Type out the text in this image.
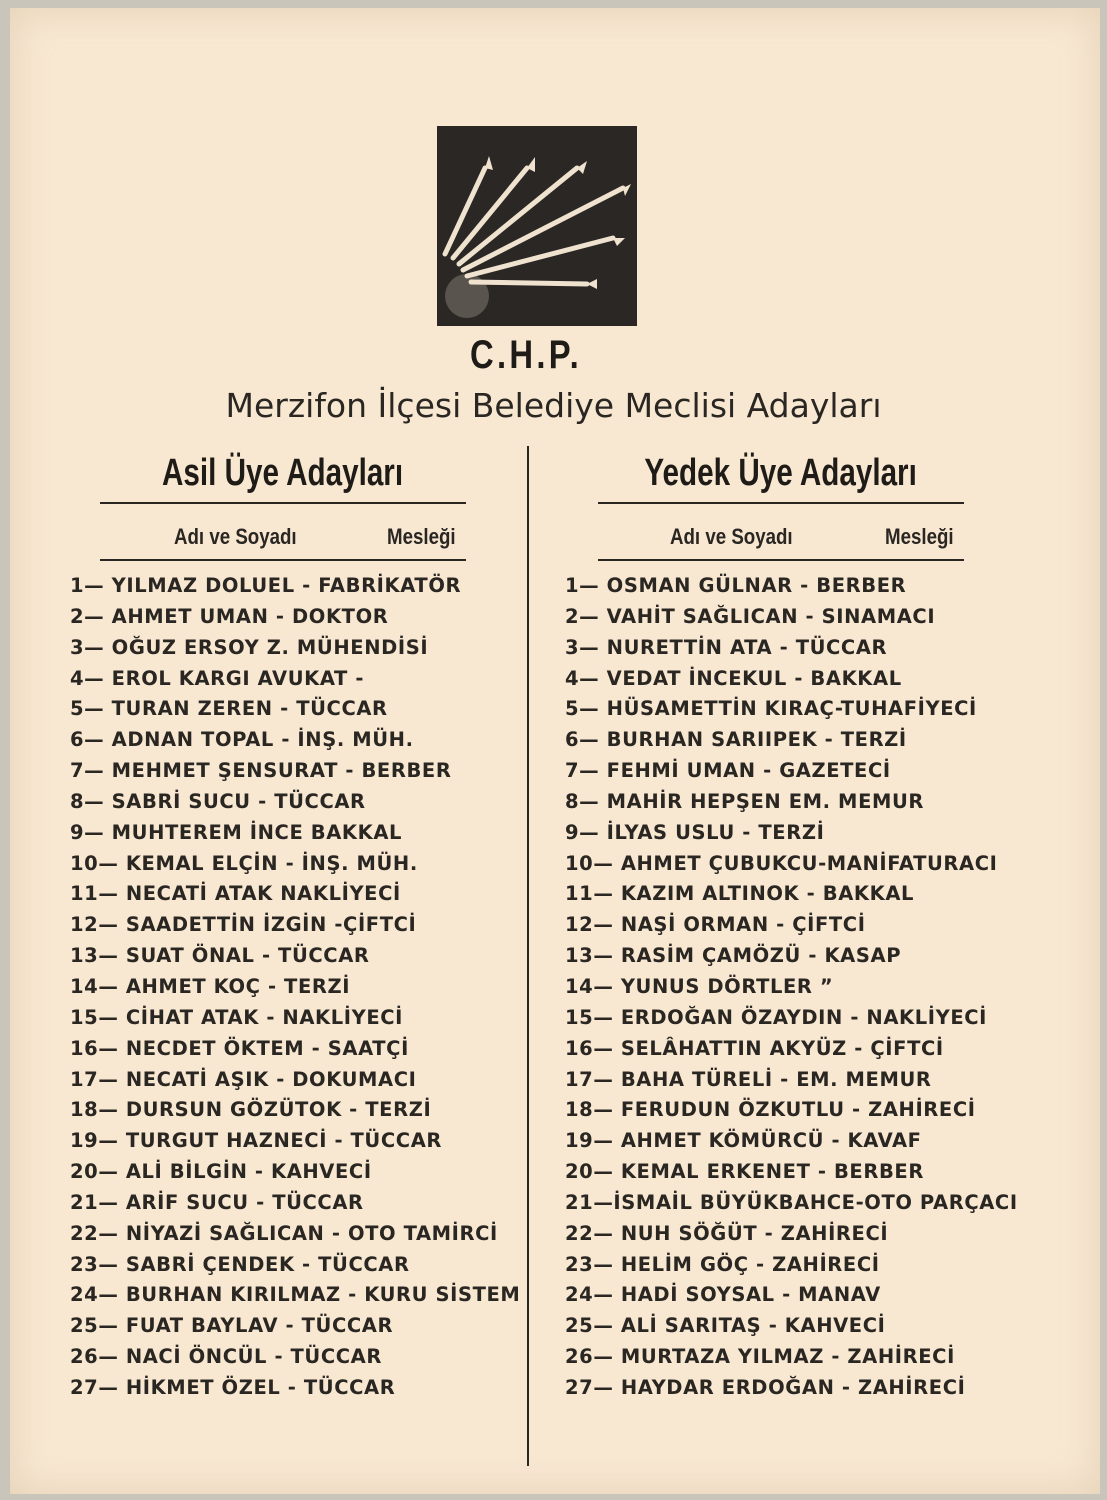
C.H.P.
Merzifon İlçesi Belediye Meclisi Adayları
Asil Üye Adayları
Adı ve Soyadı	Mesleği
Yedek Üye Adayları
Adı ve Soyadı	Mesleği
1— YILMAZ DOLUEL - FABRİKATÖR
2— AHMET UMAN - DOKTOR
3— OĞUZ ERSOY Z. MÜHENDİSİ
4— EROL KARGI AVUKAT -
5— TURAN ZEREN - TÜCCAR
6— ADNAN TOPAL - İNŞ. MÜH.
7— MEHMET ŞENSURAT - BERBER
8— SABRİ SUCU - TÜCCAR
9— MUHTEREM İNCE BAKKAL
10— KEMAL ELÇİN - İNŞ. MÜH.
11— NECATİ ATAK NAKLİYECİ
12— SAADETTİN İZGİN -ÇİFTCİ
13— SUAT ÖNAL - TÜCCAR
14— AHMET KOÇ - TERZİ
15— CİHAT ATAK - NAKLİYECİ
16— NECDET ÖKTEM - SAATÇİ
17— NECATİ AŞIK - DOKUMACI
18— DURSUN GÖZÜTOK - TERZİ
19— TURGUT HAZNECİ - TÜCCAR
20— ALİ BİLGİN - KAHVECİ
21— ARİF SUCU - TÜCCAR
22— NİYAZİ SAĞLICAN - OTO TAMİRCİ
23— SABRİ ÇENDEK - TÜCCAR
24— BURHAN KIRILMAZ - KURU SİSTEM
25— FUAT BAYLAV - TÜCCAR
26— NACİ ÖNCÜL - TÜCCAR
27— HİKMET ÖZEL - TÜCCAR
1— OSMAN GÜLNAR - BERBER
2— VAHİT SAĞLICAN - SINAMACI
3— NURETTİN ATA - TÜCCAR
4— VEDAT İNCEKUL - BAKKAL
5— HÜSAMETTİN KIRAÇ-TUHAFİYECİ
6— BURHAN SARIIPEK - TERZİ
7— FEHMİ UMAN - GAZETECİ
8— MAHİR HEPŞEN EM. MEMUR
9— İLYAS USLU - TERZİ
10— AHMET ÇUBUKCU-MANİFATURACI
11— KAZIM ALTINOK - BAKKAL
12— NAŞİ ORMAN - ÇİFTCİ
13— RASİM ÇAMÖZÜ - KASAP
14— YUNUS DÖRTLER ”
15— ERDOĞAN ÖZAYDIN - NAKLİYECİ
16— SELÂHATTIN AKYÜZ - ÇİFTCİ
17— BAHA TÜRELİ - EM. MEMUR
18— FERUDUN ÖZKUTLU - ZAHİRECİ
19— AHMET KÖMÜRCÜ - KAVAF
20— KEMAL ERKENET - BERBER
21—İSMAİL BÜYÜKBAHCE-OTO PARÇACI
22— NUH SÖĞÜT - ZAHİRECİ
23— HELİM GÖÇ - ZAHİRECİ
24— HADİ SOYSAL - MANAV
25— ALİ SARITAŞ - KAHVECİ
26— MURTAZA YILMAZ - ZAHİRECİ
27— HAYDAR ERDOĞAN - ZAHİRECİ
